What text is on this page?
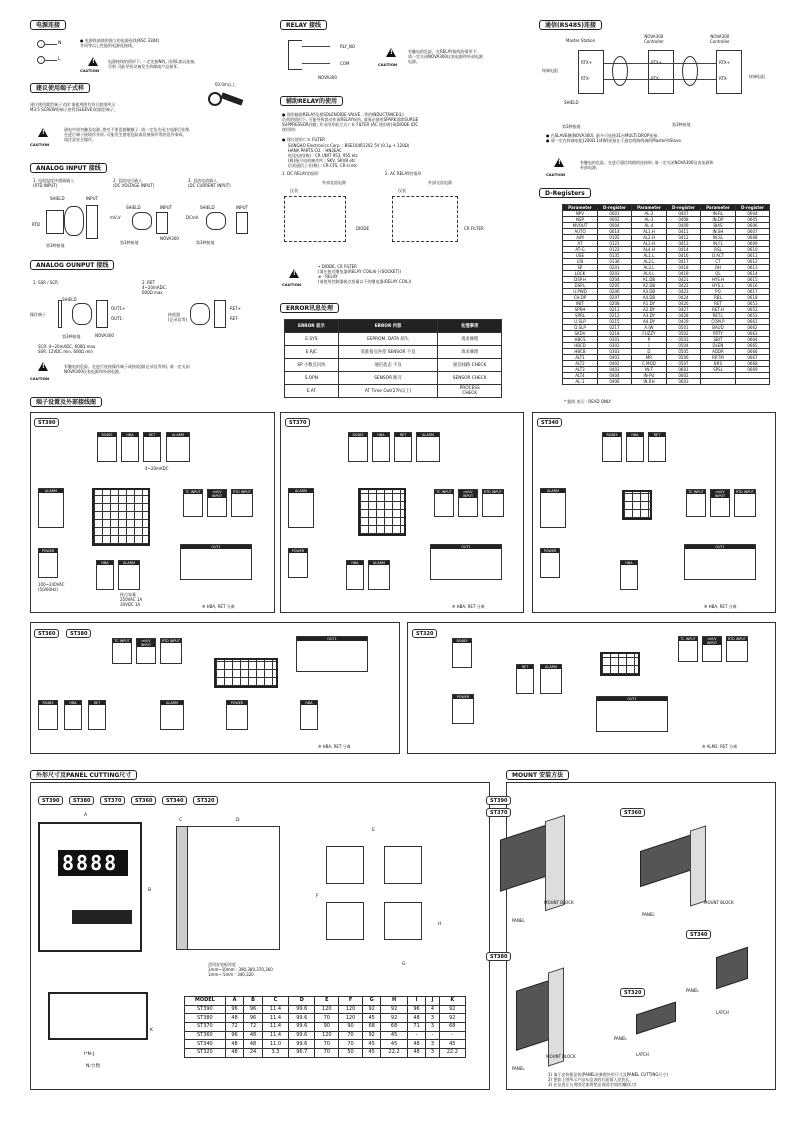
电源连接
N
L
● 电源线请使用独立的电源连线(KSC 3304)
并同等以上性能的电源连接线。
!
CAUTION
电源接线的情形下, 一定先接N线, 再将L加以连接,
否则 可能导致设备发生故障或产品损坏。
建议使用端子式样
建议使用圆型端子式样:请使用附有符合如图所示
M3.5 SCREW的端子套管(SLEEVE)的圆型端子。
03.0m以上
!
CAUTION
通电中请勿触及电源, 绝对不要直接触摸子, 请一定先关闭主电源后处理.
在进行端子接线作业时, 可能发生感电危险或设备损坏等的意外事故。
请注意安全操作。
ANALOG INPUT 接线
1. 电阻温度传感器输入
(RTD INPUT)
2. 直流电压输入
(DC VOLTAGE INPUT)
3. 直流电流输入
(DC CURRENT INPUT)
RTD
SHIELD	INPUT
第3种接地
mV,V
SHIELD	INPUT
第3种接地
NOVA300
DCmA
SHIELD	INPUT
第3种接地
ANALOG OUNPUT 接线
1. SSR / SCR	2. RET
4~20mADC,
600Ω max
SHIELD
操作端子
OUT1+
OUT1-
第3种接地	NOVA300
接收器
(记录仪等)
RET+
RET-
SCR: 4~20mADC, 600Ω max
SSR: 12VDC min, 600Ω min
!
CAUTION
有触电的危险。在进行连接操作端子或接收器(记录仪等)时, 请一定关闭
NOVA300仪表电源和外部电源。
RELAY 接线
RLY_NO
COM
NOVA300
!
CAUTION
有触电的危险。在RELAY接线的情形下,
请一定关闭NOVA300仪表电源和外部电源
电源。
辅助RELAY的使用
● 使用辅助RELAY及相SOLENOIDE VALVE…等的INDUCTANCE(L)
负荷的情形下, 可能导致误动作或RELAY损伤, 请务必使用SPARK消除SURGE
SUPPRESSOR回路, 并采用并联方式ＣＲ FILTER (AC 使用时)或DIODE (DC
使用时)
● 建议使用ＣＲ FILTER
SUNGHO Electronics Corp. : BSE104R1202 5V (0.1μ + 120Ω)
HANA PARTS CO. : HN2EAC
松尾电机(株) : CR UNIT 953, 955 etc
(株)指月电机制作所 : SKV, SKVB etc
信英通信工业(株) : CR-CFS, CR-U etc
1. DC RELAY的情形	2. AC RELAY的情形
外部直流电源
仪表
DIODE
外部交流电源
仪表
CR FILTER
• DIODE, CR FILTER
(请在接近继电器(RELAY COIL端子(SOCKET))
⊕ : RELAY
(请使用控制器接点容量以下的继电器(RELAY COIL))
!
CAUTION
ERROR讯息处理
ERROR 显示	ERROR 内容	处理事项
E.SYS	EEPROM, DATA 损失	请求修理
E.RJC	基准接点补偿 SENSOR 不良	请求修理
SP 小数点闪烁	通信状态 不良	通信线路 CHECK
S.OPN	SENSOR 断开	SENSOR CHECK
E.AT	AT Time Out(27h以上)	PROCESS
CHECK
通信(RS485)连接
Master Station
NOVA300
Controller
NOVA300
Controller
RTX+
RTX-
RTX+
RTX-
终端电阻
终端电阻
SHIELD
第3种接地	第3种接地
● 在SLAVE侧(NOVA300), 最多可连接31台MULTI DROP连接.
● 请一定在终端电阻(200Ω 1/4W)连接在于通信线路两端的Master和Slave.
!
CAUTION
有触电的危险。在进行通信线路的连接时, 请一定关闭NOVA300仪表电源和
外部电源。
D-Registers
Parameter	D-register	Parameter	D-register	Parameter	D-register
NPV	0001	AL-2	0407	IN.RL	0604
NSP	0002	AL-3	0408	IN.DP	0605
MVOUT	0004	AL-4	0409	BIAS	0606
AUTO	0014	AL1.H	0411	IN.SH	0607
A/M	0105	AL2.H	0412	IN.SL	0608
AT	0121	AL3.H	0413	IN.FL	0609
AT-G	0122	AL4.H	0414	RSL	0610
USE	0135	AL1.L	0416	O.ACT	0611
USI	0136	AL2.L	0417	CT	0612
SP	0201	AL3.L	0418	OH	0613
LOCK	0203	AL4.L	0419	OL	0614
DSP.H	0204	A1.DB	0421	HYS.H	0615
DSP.L	0205	A2.DB	0422	HYS.L	0616
U.PWD	0206	A3.DB	0423	PO	0617
CH.DP	0207	A4.DB	0424	RBL	0618
INIT	0208	A1.DY	0426	RET	0651
SPRH	0211	A2.DY	0427	RET.H	0652
SPRL	0212	A3.DY	0428	RET.L	0653
U.SLP	0215	A4.DY	0429	COM.P	0661
D.SLP	0217	A.IW	0501	BAUD	0662
SKDV	0218	FUZZY	0502	PRTY	0663
HBCS	0301	P	0503	SBIT	0664
HBCD	0302	I	0504	DLEN	0665
HBCB	0303	D	0505	ADDR	0666
ALT1	0401	MR	0506	RP.TM	0667
ALT2	0402	C.MOD	0507	BRS	0668
ALT3	0403	IN-T	0601	SPSL	0669
ALT4	0404	IN-PU	0602		
AL-1	0406	IN.RH	0603		
* 粗线 表示 : READ ONLY
端子设置及外部接线图
ST390	ST370	ST340
ST360	ST380	ST320
RS485	HBA	RET	ALARM
ALARM	TC INPUT	mV/V INPUT
RTD INPUT
POWER
HBA	ALARM
OUT1
100~240VAC
(50/60Hz)
接点容量
250VAC 1A
30VDC 1A
4~20mADC
※ HBA, RET 分离
RS485	HBA	RET	ALARM
ALARM	TC INPUT	mV/V INPUT
RTD INPUT
POWER
HBA	ALARM
OUT1
※ HBA, RET 分离
RS485	HBA	RET
ALARM	TC INPUT	mV/V INPUT
RTD INPUT
POWER
HBA
OUT1
※ HBA, RET 分离
TC INPUT	mV/V INPUT
RTD INPUT	OUT1
RS485	HBA	RET	ALARM	POWER	HBA
※ HBA, RET 分离
RS485
RET	ALARM
TC INPUT	mV/V INPUT
RTD INPUT
POWER	OUT1
※ ALM2, RET 分离
外形尺寸及PANEL CUTTING尺寸
ST390	ST380	ST370	ST360	ST340	ST320
A
B
C	D
E
F
G
H
K
8888
适用安装板厚度
1mm~10mm : 390,380,370,360
1mm~ 5mm : 340,320
I*N-J
N:台数
MODEL	A	B	C	D	E	F	G	H	I	J	K
ST390	96	96	11.4	99.6	120	120	92	92	96	4	92
ST380	48	96	11.4	99.6	70	120	45	92	48	3	92
ST370	72	72	11.4	99.6	90	90	68	68	71	3	68
ST360	96	48	11.4	99.6	120	70	92	45	-	-	-
ST340	48	48	11.0	99.6	70	70	45	45	48	3	45
ST320	48	24	3.3	96.7	70	50	45	22.2	48	3	22.2
MOUNT 安装方法
ST390
ST370	ST360
ST380
ST340
ST320
MOUNT BLOCK
PANEL
PANEL
MOUNT BLOCK
PANEL
LATCH
PANEL
LATCH
MOUNT BLOCK
PANEL
1) 请于安装板安装(PANEL)(参照外形尺寸及PANEL CUTTING尺寸)
2) 把如上图所示产品从仪表的后面插入安装孔。
3) 在仪表左右用固定架将把仪表固定(使用螺丝刀)
